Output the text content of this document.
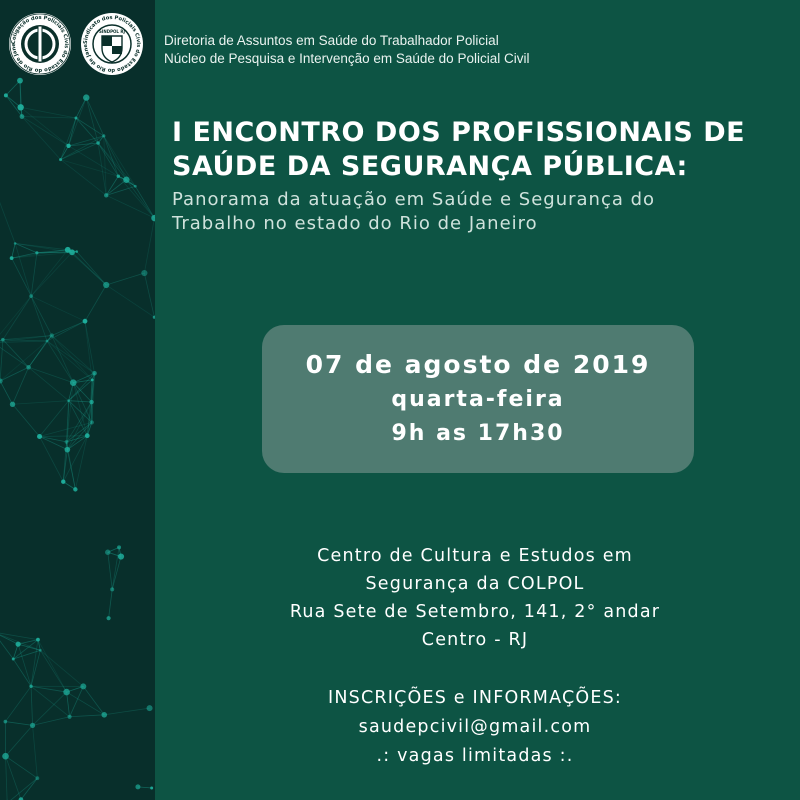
Coligação dos Policiais Civis do Estado do Rio de Jane
Sindicato dos Policiais Civis do Estado do Rio de Jane
SINDPOL RJ
Diretoria de Assuntos em Saúde do Trabalhador Policial
Núcleo de Pesquisa e Intervenção em Saúde do Policial Civil
I ENCONTRO DOS PROFISSIONAIS DE
SAÚDE DA SEGURANÇA PÚBLICA:
Panorama da atuação em Saúde e Segurança do
Trabalho no estado do Rio de Janeiro
07 de agosto de 2019
quarta-feira
9h as 17h30
Centro de Cultura e Estudos em
Segurança da COLPOL
Rua Sete de Setembro, 141, 2° andar
Centro - RJ
INSCRIÇÕES e INFORMAÇÕES:
saudepcivil@gmail.com
.: vagas limitadas :.
